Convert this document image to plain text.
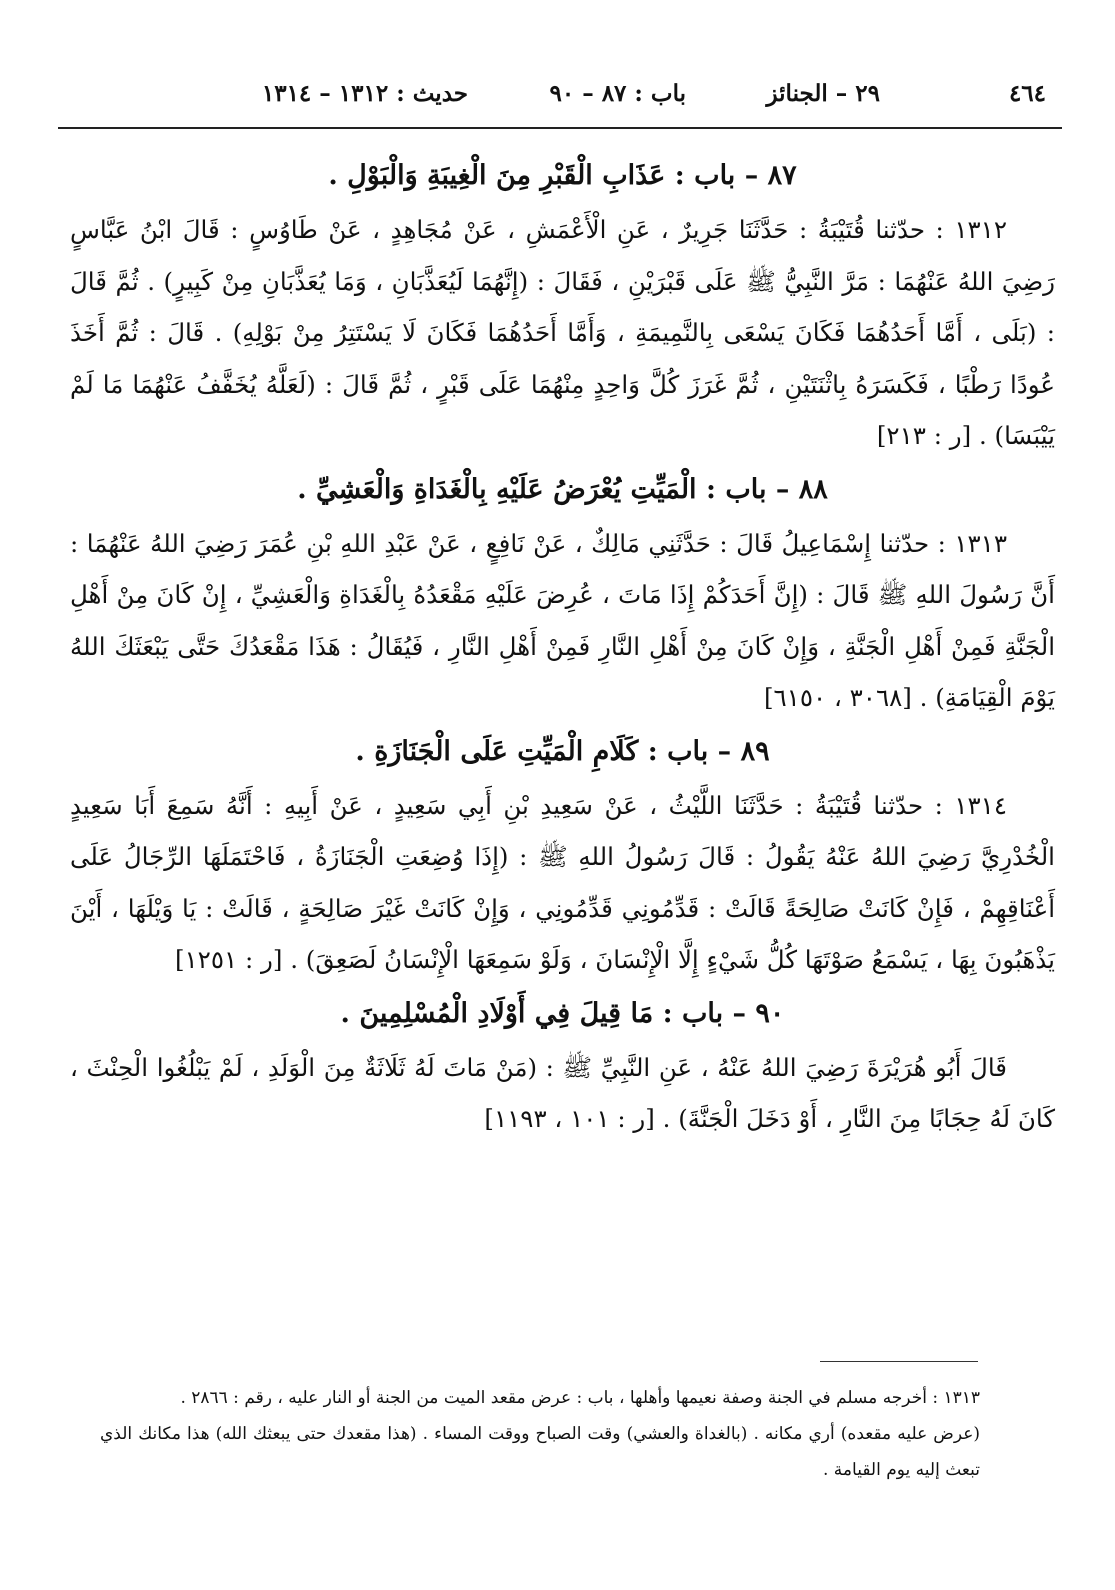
٤٦٤
٢٩ – الجنائز
باب : ٨٧ – ٩٠
حديث : ١٣١٢ – ١٣١٤
٨٧ – باب : عَذَابِ الْقَبْرِ مِنَ الْغِيبَةِ وَالْبَوْلِ .

١٣١٢ : حدّثنا قُتَيْبَةُ : حَدَّثَنَا جَرِيرٌ ، عَنِ الْأَعْمَشِ ، عَنْ مُجَاهِدٍ ، عَنْ طَاوُسٍ : قَالَ ابْنُ عَبَّاسٍ رَضِيَ اللهُ عَنْهُمَا : مَرَّ النَّبِيُّ ﷺ عَلَى قَبْرَيْنِ ، فَقَالَ : (إِنَّهُمَا لَيُعَذَّبَانِ ، وَمَا يُعَذَّبَانِ مِنْ كَبِيرٍ) . ثُمَّ قَالَ : (بَلَى ، أَمَّا أَحَدُهُمَا فَكَانَ يَسْعَى بِالنَّمِيمَةِ ، وَأَمَّا أَحَدُهُمَا فَكَانَ لَا يَسْتَتِرُ مِنْ بَوْلِهِ) . قَالَ : ثُمَّ أَخَذَ عُودًا رَطْبًا ، فَكَسَرَهُ بِاثْنَتَيْنِ ، ثُمَّ غَرَزَ كُلَّ وَاحِدٍ مِنْهُمَا عَلَى قَبْرٍ ، ثُمَّ قَالَ : (لَعَلَّهُ يُخَفَّفُ عَنْهُمَا مَا لَمْ يَيْبَسَا) . [ر : ٢١٣]

٨٨ – باب : الْمَيِّتِ يُعْرَضُ عَلَيْهِ بِالْغَدَاةِ وَالْعَشِيِّ .

١٣١٣ : حدّثنا إِسْمَاعِيلُ قَالَ : حَدَّثَنِي مَالِكٌ ، عَنْ نَافِعٍ ، عَنْ عَبْدِ اللهِ بْنِ عُمَرَ رَضِيَ اللهُ عَنْهُمَا : أَنَّ رَسُولَ اللهِ ﷺ قَالَ : (إِنَّ أَحَدَكُمْ إِذَا مَاتَ ، عُرِضَ عَلَيْهِ مَقْعَدُهُ بِالْغَدَاةِ وَالْعَشِيِّ ، إِنْ كَانَ مِنْ أَهْلِ الْجَنَّةِ فَمِنْ أَهْلِ الْجَنَّةِ ، وَإِنْ كَانَ مِنْ أَهْلِ النَّارِ فَمِنْ أَهْلِ النَّارِ ، فَيُقَالُ : هَذَا مَقْعَدُكَ حَتَّى يَبْعَثَكَ اللهُ يَوْمَ الْقِيَامَةِ) . [٣٠٦٨ ، ٦١٥٠]

٨٩ – باب : كَلَامِ الْمَيِّتِ عَلَى الْجَنَازَةِ .

١٣١٤ : حدّثنا قُتَيْبَةُ : حَدَّثَنَا اللَّيْثُ ، عَنْ سَعِيدِ بْنِ أَبِي سَعِيدٍ ، عَنْ أَبِيهِ : أَنَّهُ سَمِعَ أَبَا سَعِيدٍ الْخُدْرِيَّ رَضِيَ اللهُ عَنْهُ يَقُولُ : قَالَ رَسُولُ اللهِ ﷺ : (إِذَا وُضِعَتِ الْجَنَازَةُ ، فَاحْتَمَلَهَا الرِّجَالُ عَلَى أَعْنَاقِهِمْ ، فَإِنْ كَانَتْ صَالِحَةً قَالَتْ : قَدِّمُونِي قَدِّمُونِي ، وَإِنْ كَانَتْ غَيْرَ صَالِحَةٍ ، قَالَتْ : يَا وَيْلَهَا ، أَيْنَ يَذْهَبُونَ بِهَا ، يَسْمَعُ صَوْتَهَا كُلُّ شَيْءٍ إِلَّا الْإِنْسَانَ ، وَلَوْ سَمِعَهَا الْإِنْسَانُ لَصَعِقَ) . [ر : ١٢٥١]

٩٠ – باب : مَا قِيلَ فِي أَوْلَادِ الْمُسْلِمِينَ .

قَالَ أَبُو هُرَيْرَةَ رَضِيَ اللهُ عَنْهُ ، عَنِ النَّبِيِّ ﷺ : (مَنْ مَاتَ لَهُ ثَلَاثَةٌ مِنَ الْوَلَدِ ، لَمْ يَبْلُغُوا الْحِنْثَ ، كَانَ لَهُ حِجَابًا مِنَ النَّارِ ، أَوْ دَخَلَ الْجَنَّةَ) . [ر : ١٠١ ، ١١٩٣]

١٣١٣ : أخرجه مسلم في الجنة وصفة نعيمها وأهلها ، باب : عرض مقعد الميت من الجنة أو النار عليه ، رقم : ٢٨٦٦ .

(عرض عليه مقعده) أري مكانه . (بالغداة والعشي) وقت الصباح ووقت المساء . (هذا مقعدك حتى يبعثك الله) هذا مكانك الذي تبعث إليه يوم القيامة .
